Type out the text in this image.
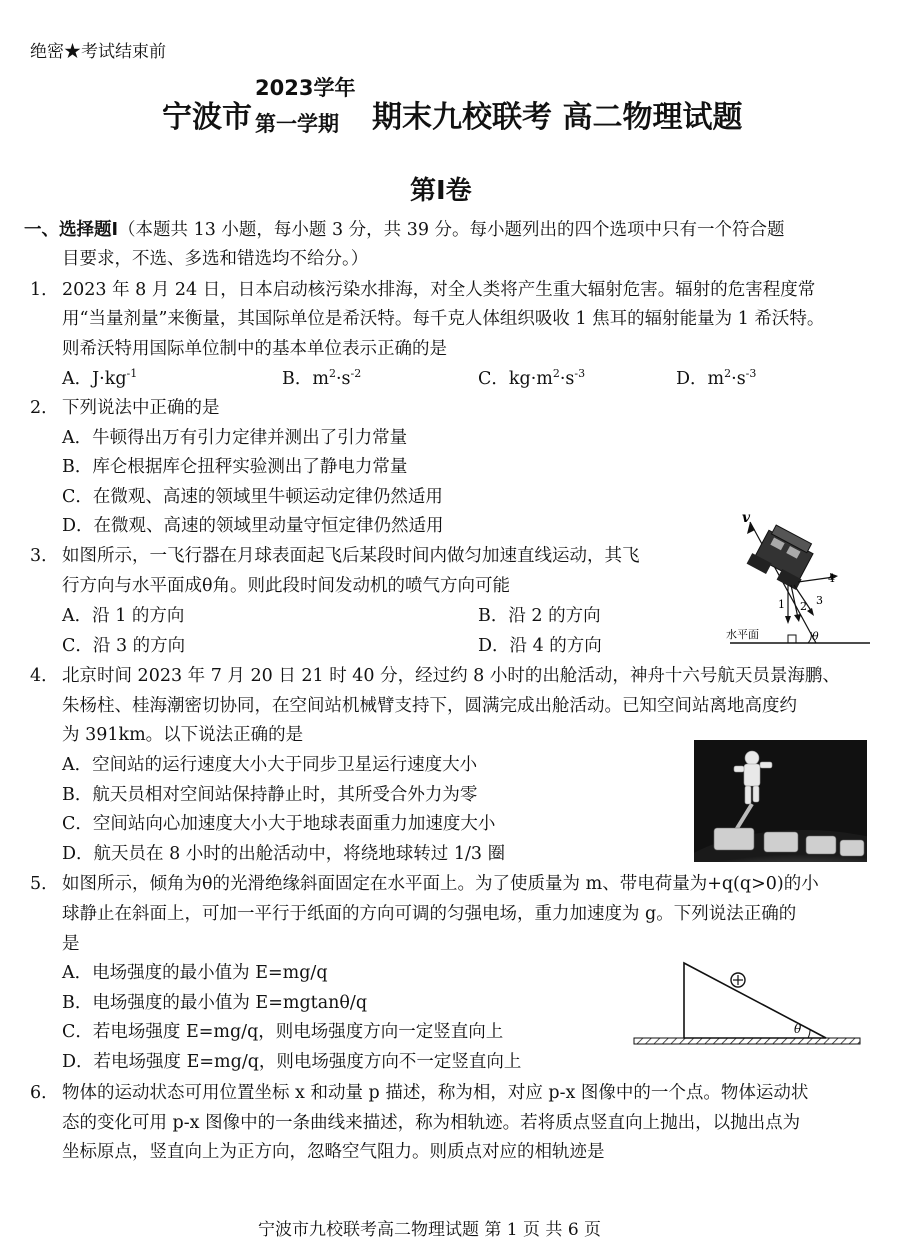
绝密★考试结束前
宁波市
2023学年
第一学期 期末九校联考 高二物理试题
第Ⅰ卷
一、选择题Ⅰ（本题共 13 小题，每小题 3 分，共 39 分。每小题列出的四个选项中只有一个符合题
目要求，不选、多选和错选均不给分。）
1． 2023 年 8 月 24 日，日本启动核污染水排海，对全人类将产生重大辐射危害。辐射的危害程度常
用“当量剂量”来衡量，其国际单位是希沃特。每千克人体组织吸收 1 焦耳的辐射能量为 1 希沃特。
则希沃特用国际单位制中的基本单位表示正确的是
A．$J\cdot kg^{-1}$	B．$m^2\cdot s^{-2}$	C．$kg\cdot m^2\cdot s^{-3}$	D．$m^2\cdot s^{-3}$
2． 下列说法中正确的是
A．牛顿得出万有引力定律并测出了引力常量
B．库仑根据库仑扭秤实验测出了静电力常量
C．在微观、高速的领域里牛顿运动定律仍然适用
D．在微观、高速的领域里动量守恒定律仍然适用
3． 如图所示，一飞行器在月球表面起飞后某段时间内做匀加速直线运动，其飞
行方向与水平面成θ角。则此段时间发动机的喷气方向可能
A．沿 1 的方向	B．沿 2 的方向
C．沿 3 的方向	D．沿 4 的方向
v
1 2 3
4
水平面	θ
4． 北京时间 2023 年 7 月 20 日 21 时 40 分，经过约 8 小时的出舱活动，神舟十六号航天员景海鹏、
朱杨柱、桂海潮密切协同，在空间站机械臂支持下，圆满完成出舱活动。已知空间站离地高度约
为 391km。以下说法正确的是
A．空间站的运行速度大小大于同步卫星运行速度大小
B．航天员相对空间站保持静止时，其所受合外力为零
C．空间站向心加速度大小大于地球表面重力加速度大小
D．航天员在 8 小时的出舱活动中，将绕地球转过 1/3 圈
5． 如图所示，倾角为θ的光滑绝缘斜面固定在水平面上。为了使质量为 m、带电荷量为+q(q>0)的小
球静止在斜面上，可加一平行于纸面的方向可调的匀强电场，重力加速度为 g。下列说法正确的
是
A．电场强度的最小值为 E=mg/q
B．电场强度的最小值为 E=mgtanθ/q
C．若电场强度 E=mg/q，则电场强度方向一定竖直向上
D．若电场强度 E=mg/q，则电场强度方向不一定竖直向上
θ
6． 物体的运动状态可用位置坐标 x 和动量 p 描述，称为相，对应 p-x 图像中的一个点。物体运动状
态的变化可用 p-x 图像中的一条曲线来描述，称为相轨迹。若将质点竖直向上抛出，以抛出点为
坐标原点，竖直向上为正方向，忽略空气阻力。则质点对应的相轨迹是
宁波市九校联考高二物理试题 第 1 页 共 6 页
